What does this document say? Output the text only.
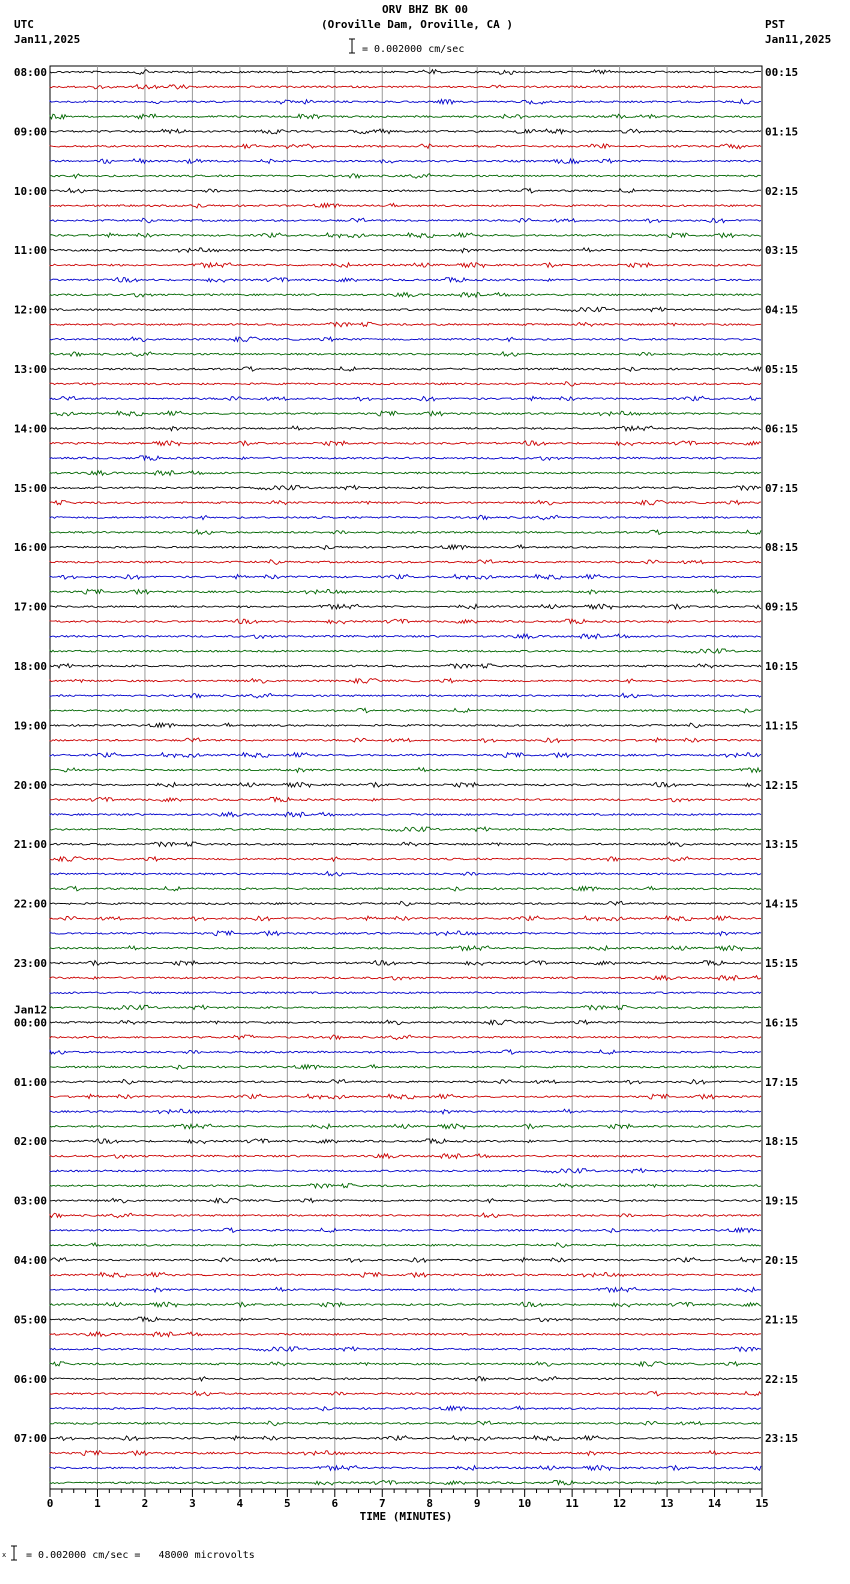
ORV BHZ BK 00
(Oroville Dam, Oroville, CA )
UTC
Jan11,2025
PST
Jan11,2025
= 0.002000 cm/sec
= 0.002000 cm/sec =   48000 microvolts
x
08:00
09:00
10:00
11:00
12:00
13:00
14:00
15:00
16:00
17:00
18:00
19:00
20:00
21:00
22:00
23:00
00:00
01:00
02:00
03:00
04:00
05:00
06:00
07:00
00:15
01:15
02:15
03:15
04:15
05:15
06:15
07:15
08:15
09:15
10:15
11:15
12:15
13:15
14:15
15:15
16:15
17:15
18:15
19:15
20:15
21:15
22:15
23:15
Jan12
0	1	2	3	4	5	6	7	8	9	10	11	12	13	14	15
TIME (MINUTES)
